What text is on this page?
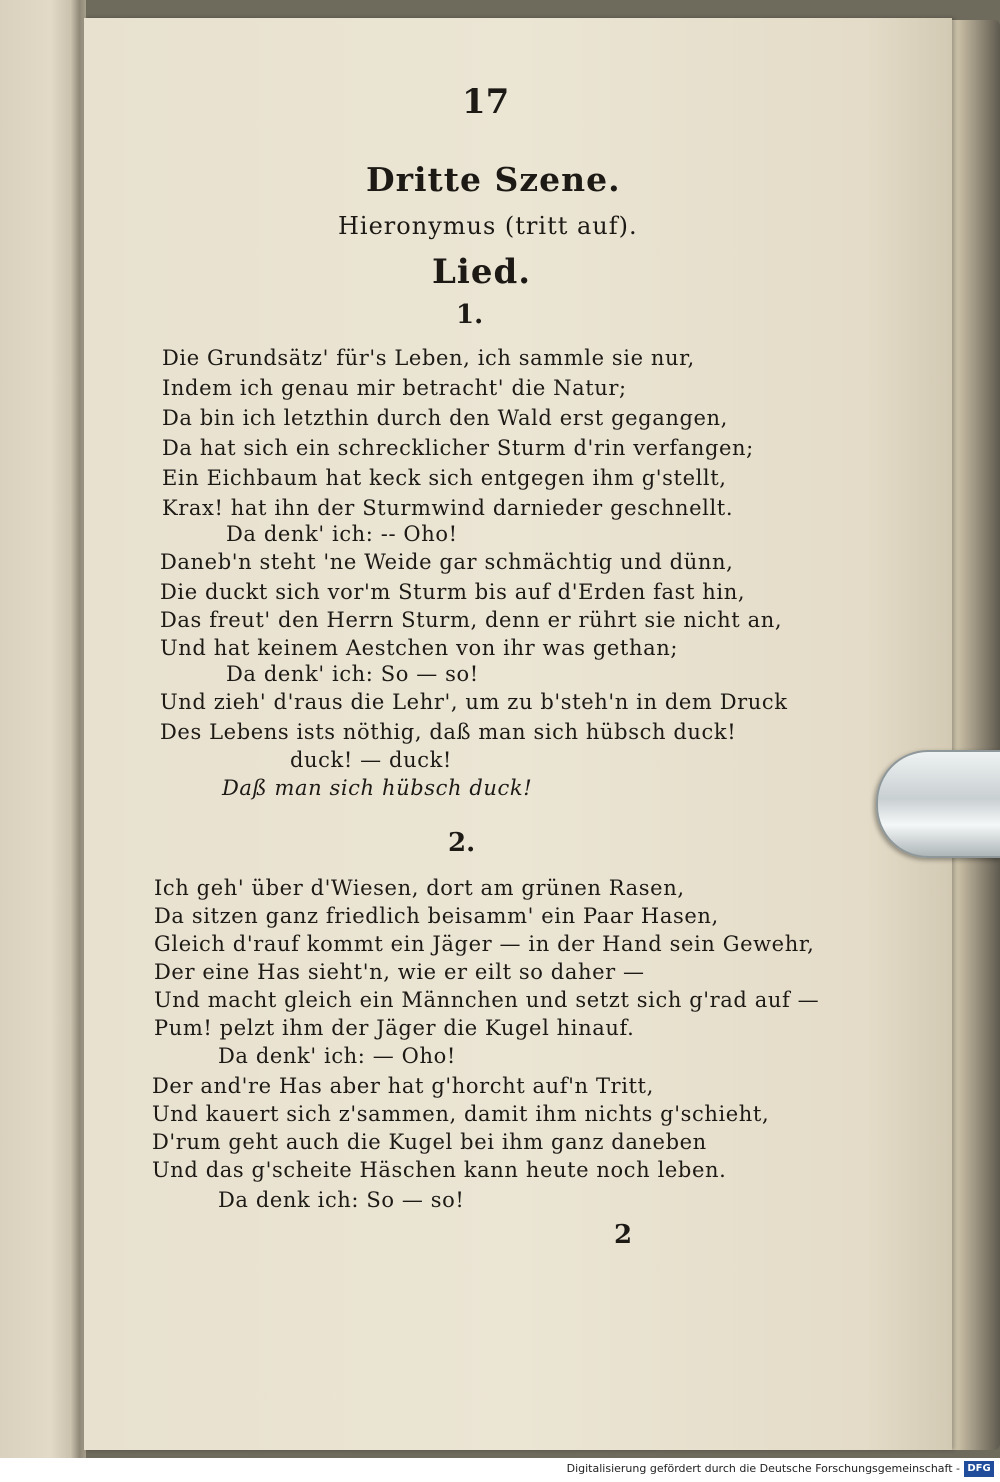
17
Dritte Szene.
Hieronymus (tritt auf).
Lied.
1.
Die Grundsätz' für's Leben, ich sammle sie nur,
Indem ich genau mir betracht' die Natur;
Da bin ich letzthin durch den Wald erst gegangen,
Da hat sich ein schrecklicher Sturm d'rin verfangen;
Ein Eichbaum hat keck sich entgegen ihm g'stellt,
Krax! hat ihn der Sturmwind darnieder geschnellt.
Da denk' ich: -- Oho!
Daneb'n steht 'ne Weide gar schmächtig und dünn,
Die duckt sich vor'm Sturm bis auf d'Erden fast hin,
Das freut' den Herrn Sturm, denn er rührt sie nicht an,
Und hat keinem Aestchen von ihr was gethan;
Da denk' ich: So — so!
Und zieh' d'raus die Lehr', um zu b'steh'n in dem Druck
Des Lebens ists nöthig, daß man sich hübsch duck!
duck! — duck!
Daß man sich hübsch duck!
2.
Ich geh' über d'Wiesen, dort am grünen Rasen,
Da sitzen ganz friedlich beisamm' ein Paar Hasen,
Gleich d'rauf kommt ein Jäger — in der Hand sein Gewehr,
Der eine Has sieht'n, wie er eilt so daher —
Und macht gleich ein Männchen und setzt sich g'rad auf —
Pum! pelzt ihm der Jäger die Kugel hinauf.
Da denk' ich: — Oho!
Der and're Has aber hat g'horcht auf'n Tritt,
Und kauert sich z'sammen, damit ihm nichts g'schieht,
D'rum geht auch die Kugel bei ihm ganz daneben
Und das g'scheite Häschen kann heute noch leben.
Da denk ich: So — so!
2
Digitalisierung gefördert durch die Deutsche Forschungsgemeinschaft - DFG
